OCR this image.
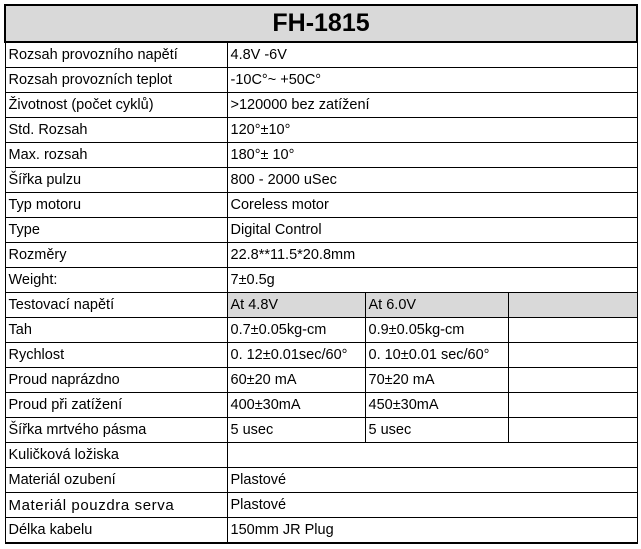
FH-1815			
Rozsah provozního napětí	4.8V -6V		
Rozsah provozních teplot	-10C°~ +50C°		
Životnost (počet cyklů)	>120000 bez zatížení		
Std. Rozsah	120°±10°		
Max. rozsah	180°± 10°		
Šířka pulzu	800 - 2000 uSec		
Typ motoru	Coreless motor		
Type	Digital Control		
Rozměry	22.8**11.5*20.8mm		
Weight:	7±0.5g		
Testovací napětí	At 4.8V	At 6.0V	
Tah	0.7±0.05kg-cm	0.9±0.05kg-cm	
Rychlost	0. 12±0.01sec/60°	0. 10±0.01 sec/60°	
Proud naprázdno	60±20 mA	70±20 mA	
Proud při zatížení	400±30mA	450±30mA	
Šířka mrtvého pásma	5 usec	5 usec	
Kuličková ložiska			
Materiál ozubení	Plastové		
Materiál pouzdra serva	Plastové		
Délka kabelu	150mm JR Plug		
